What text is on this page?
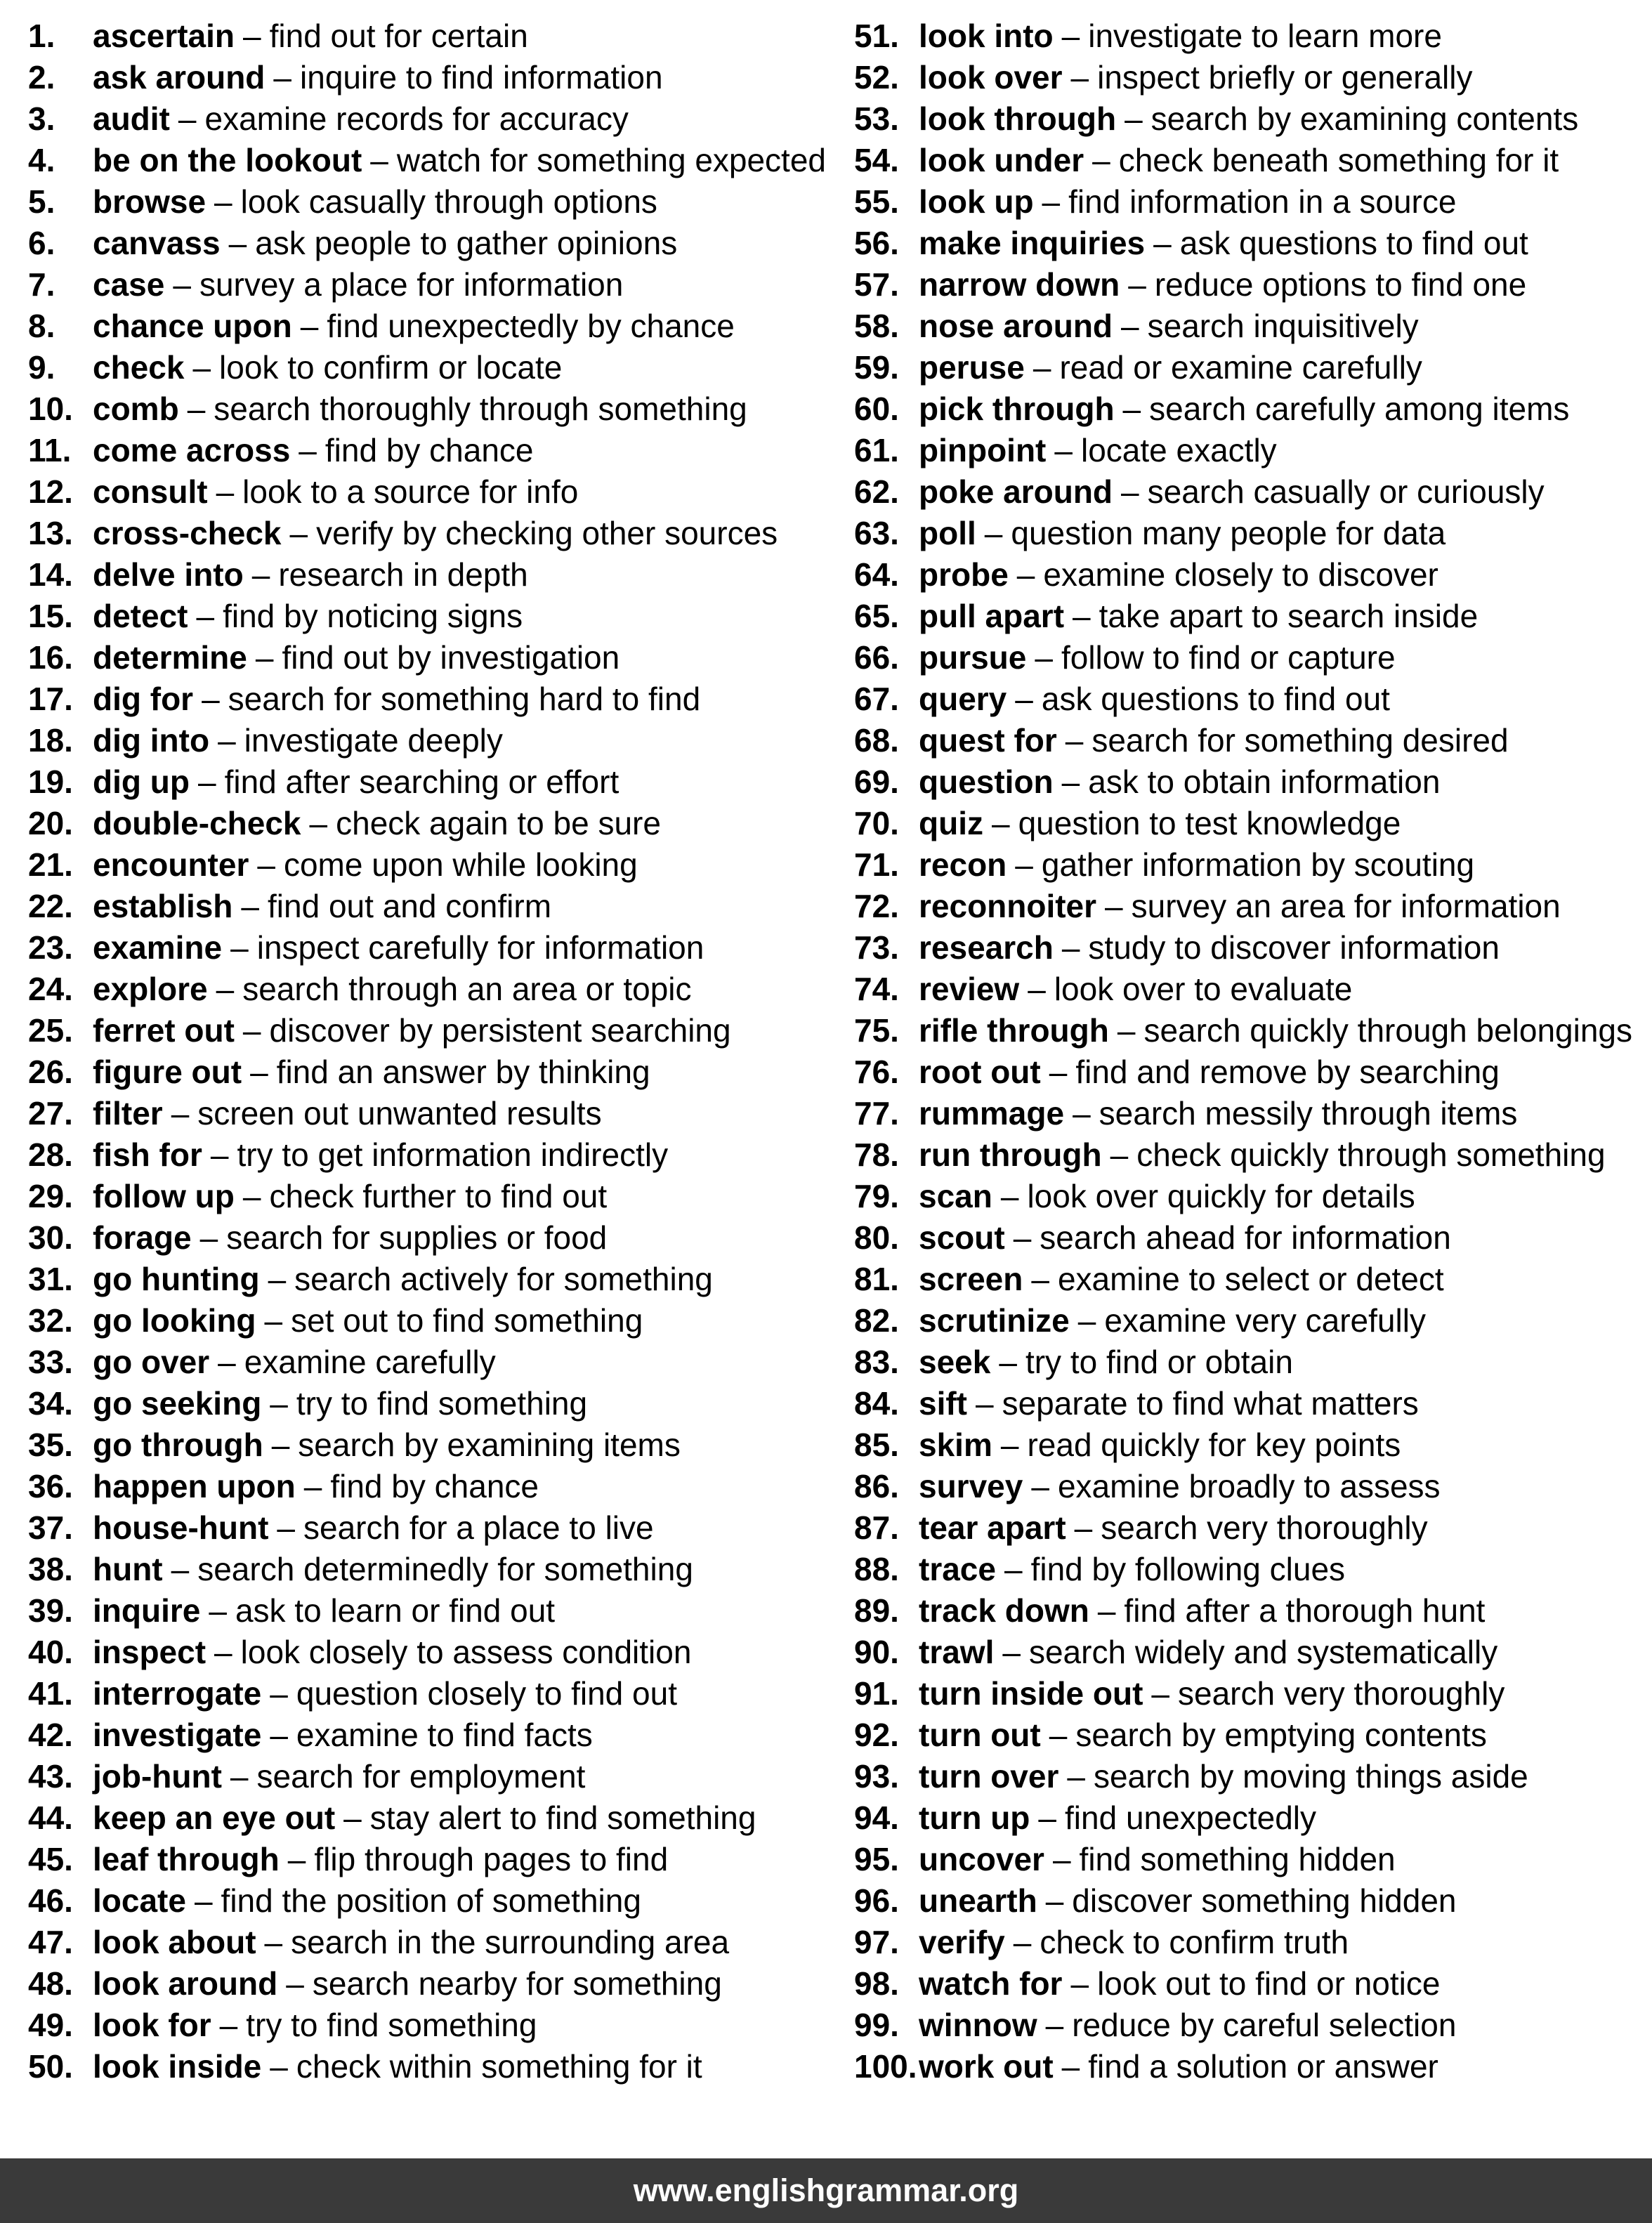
1. ascertain – find out for certain
2. ask around – inquire to find information
3. audit – examine records for accuracy
4. be on the lookout – watch for something expected
5. browse – look casually through options
6. canvass – ask people to gather opinions
7. case – survey a place for information
8. chance upon – find unexpectedly by chance
9. check – look to confirm or locate
10. comb – search thoroughly through something
11. come across – find by chance
12. consult – look to a source for info
13. cross-check – verify by checking other sources
14. delve into – research in depth
15. detect – find by noticing signs
16. determine – find out by investigation
17. dig for – search for something hard to find
18. dig into – investigate deeply
19. dig up – find after searching or effort
20. double-check – check again to be sure
21. encounter – come upon while looking
22. establish – find out and confirm
23. examine – inspect carefully for information
24. explore – search through an area or topic
25. ferret out – discover by persistent searching
26. figure out – find an answer by thinking
27. filter – screen out unwanted results
28. fish for – try to get information indirectly
29. follow up – check further to find out
30. forage – search for supplies or food
31. go hunting – search actively for something
32. go looking – set out to find something
33. go over – examine carefully
34. go seeking – try to find something
35. go through – search by examining items
36. happen upon – find by chance
37. house-hunt – search for a place to live
38. hunt – search determinedly for something
39. inquire – ask to learn or find out
40. inspect – look closely to assess condition
41. interrogate – question closely to find out
42. investigate – examine to find facts
43. job-hunt – search for employment
44. keep an eye out – stay alert to find something
45. leaf through – flip through pages to find
46. locate – find the position of something
47. look about – search in the surrounding area
48. look around – search nearby for something
49. look for – try to find something
50. look inside – check within something for it
51. look into – investigate to learn more
52. look over – inspect briefly or generally
53. look through – search by examining contents
54. look under – check beneath something for it
55. look up – find information in a source
56. make inquiries – ask questions to find out
57. narrow down – reduce options to find one
58. nose around – search inquisitively
59. peruse – read or examine carefully
60. pick through – search carefully among items
61. pinpoint – locate exactly
62. poke around – search casually or curiously
63. poll – question many people for data
64. probe – examine closely to discover
65. pull apart – take apart to search inside
66. pursue – follow to find or capture
67. query – ask questions to find out
68. quest for – search for something desired
69. question – ask to obtain information
70. quiz – question to test knowledge
71. recon – gather information by scouting
72. reconnoiter – survey an area for information
73. research – study to discover information
74. review – look over to evaluate
75. rifle through – search quickly through belongings
76. root out – find and remove by searching
77. rummage – search messily through items
78. run through – check quickly through something
79. scan – look over quickly for details
80. scout – search ahead for information
81. screen – examine to select or detect
82. scrutinize – examine very carefully
83. seek – try to find or obtain
84. sift – separate to find what matters
85. skim – read quickly for key points
86. survey – examine broadly to assess
87. tear apart – search very thoroughly
88. trace – find by following clues
89. track down – find after a thorough hunt
90. trawl – search widely and systematically
91. turn inside out – search very thoroughly
92. turn out – search by emptying contents
93. turn over – search by moving things aside
94. turn up – find unexpectedly
95. uncover – find something hidden
96. unearth – discover something hidden
97. verify – check to confirm truth
98. watch for – look out to find or notice
99. winnow – reduce by careful selection
100.work out – find a solution or answer
www.englishgrammar.org
